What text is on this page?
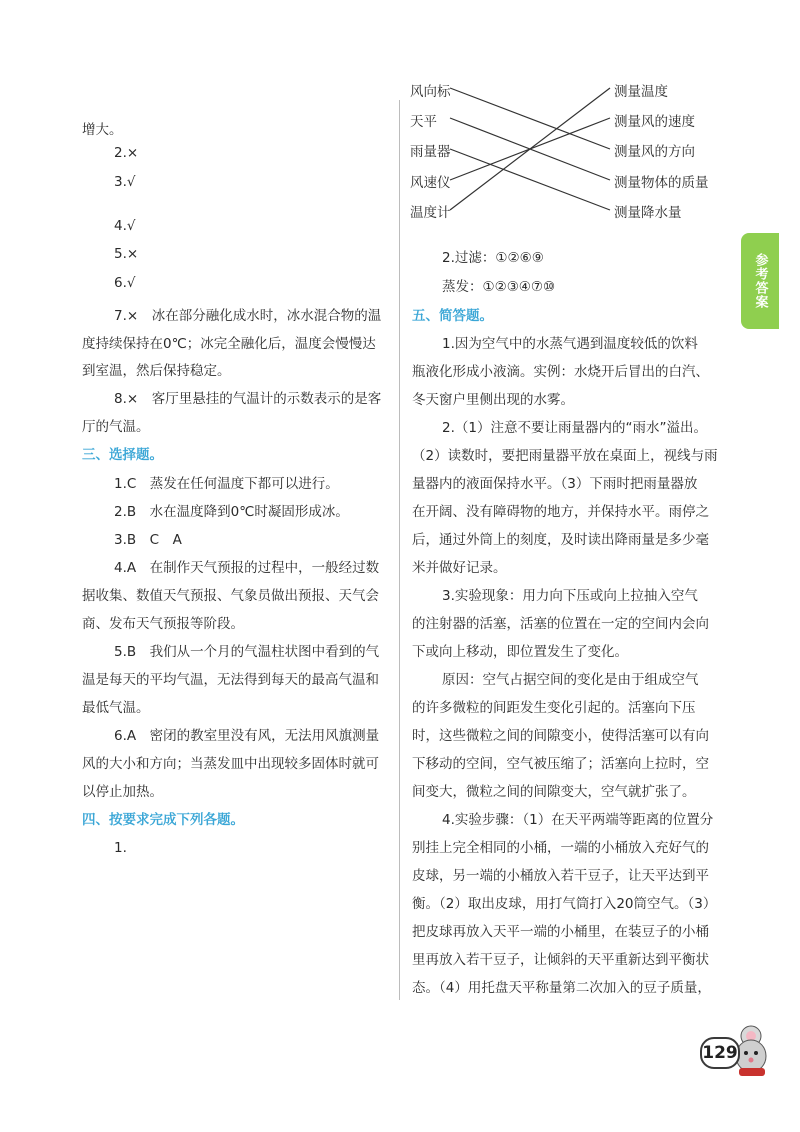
增大。
2.×
3.√
4.√
5.×
6.√
7.×　冰在部分融化成水时，冰水混合物的温
度持续保持在0℃；冰完全融化后，温度会慢慢达
到室温，然后保持稳定。
8.×　客厅里悬挂的气温计的示数表示的是客
厅的气温。
三、选择题。
1.C　蒸发在任何温度下都可以进行。
2.B　水在温度降到0℃时凝固形成冰。
3.B　C　A
4.A　在制作天气预报的过程中，一般经过数
据收集、数值天气预报、气象员做出预报、天气会
商、发布天气预报等阶段。
5.B　我们从一个月的气温柱状图中看到的气
温是每天的平均气温，无法得到每天的最高气温和
最低气温。
6.A　密闭的教室里没有风，无法用风旗测量
风的大小和方向；当蒸发皿中出现较多固体时就可
以停止加热。
四、按要求完成下列各题。
1.
风向标
天平
雨量器
风速仪
温度计
测量温度
测量风的速度
测量风的方向
测量物体的质量
测量降水量
2.过滤：①②⑥⑨
蒸发：①②③④⑦⑩
五、简答题。
1.因为空气中的水蒸气遇到温度较低的饮料
瓶液化形成小液滴。实例：水烧开后冒出的白汽、
冬天窗户里侧出现的水雾。
2.（1）注意不要让雨量器内的“雨水”溢出。
（2）读数时，要把雨量器平放在桌面上，视线与雨
量器内的液面保持水平。（3）下雨时把雨量器放
在开阔、没有障碍物的地方，并保持水平。雨停之
后，通过外筒上的刻度，及时读出降雨量是多少毫
米并做好记录。
3.实验现象：用力向下压或向上拉抽入空气
的注射器的活塞，活塞的位置在一定的空间内会向
下或向上移动，即位置发生了变化。
原因：空气占据空间的变化是由于组成空气
的许多微粒的间距发生变化引起的。活塞向下压
时，这些微粒之间的间隙变小，使得活塞可以有向
下移动的空间，空气被压缩了；活塞向上拉时，空
间变大，微粒之间的间隙变大，空气就扩张了。
4.实验步骤：（1）在天平两端等距离的位置分
别挂上完全相同的小桶，一端的小桶放入充好气的
皮球，另一端的小桶放入若干豆子，让天平达到平
衡。（2）取出皮球，用打气筒打入20筒空气。（3）
把皮球再放入天平一端的小桶里，在装豆子的小桶
里再放入若干豆子，让倾斜的天平重新达到平衡状
态。（4）用托盘天平称量第二次加入的豆子质量，
参考答案
129
